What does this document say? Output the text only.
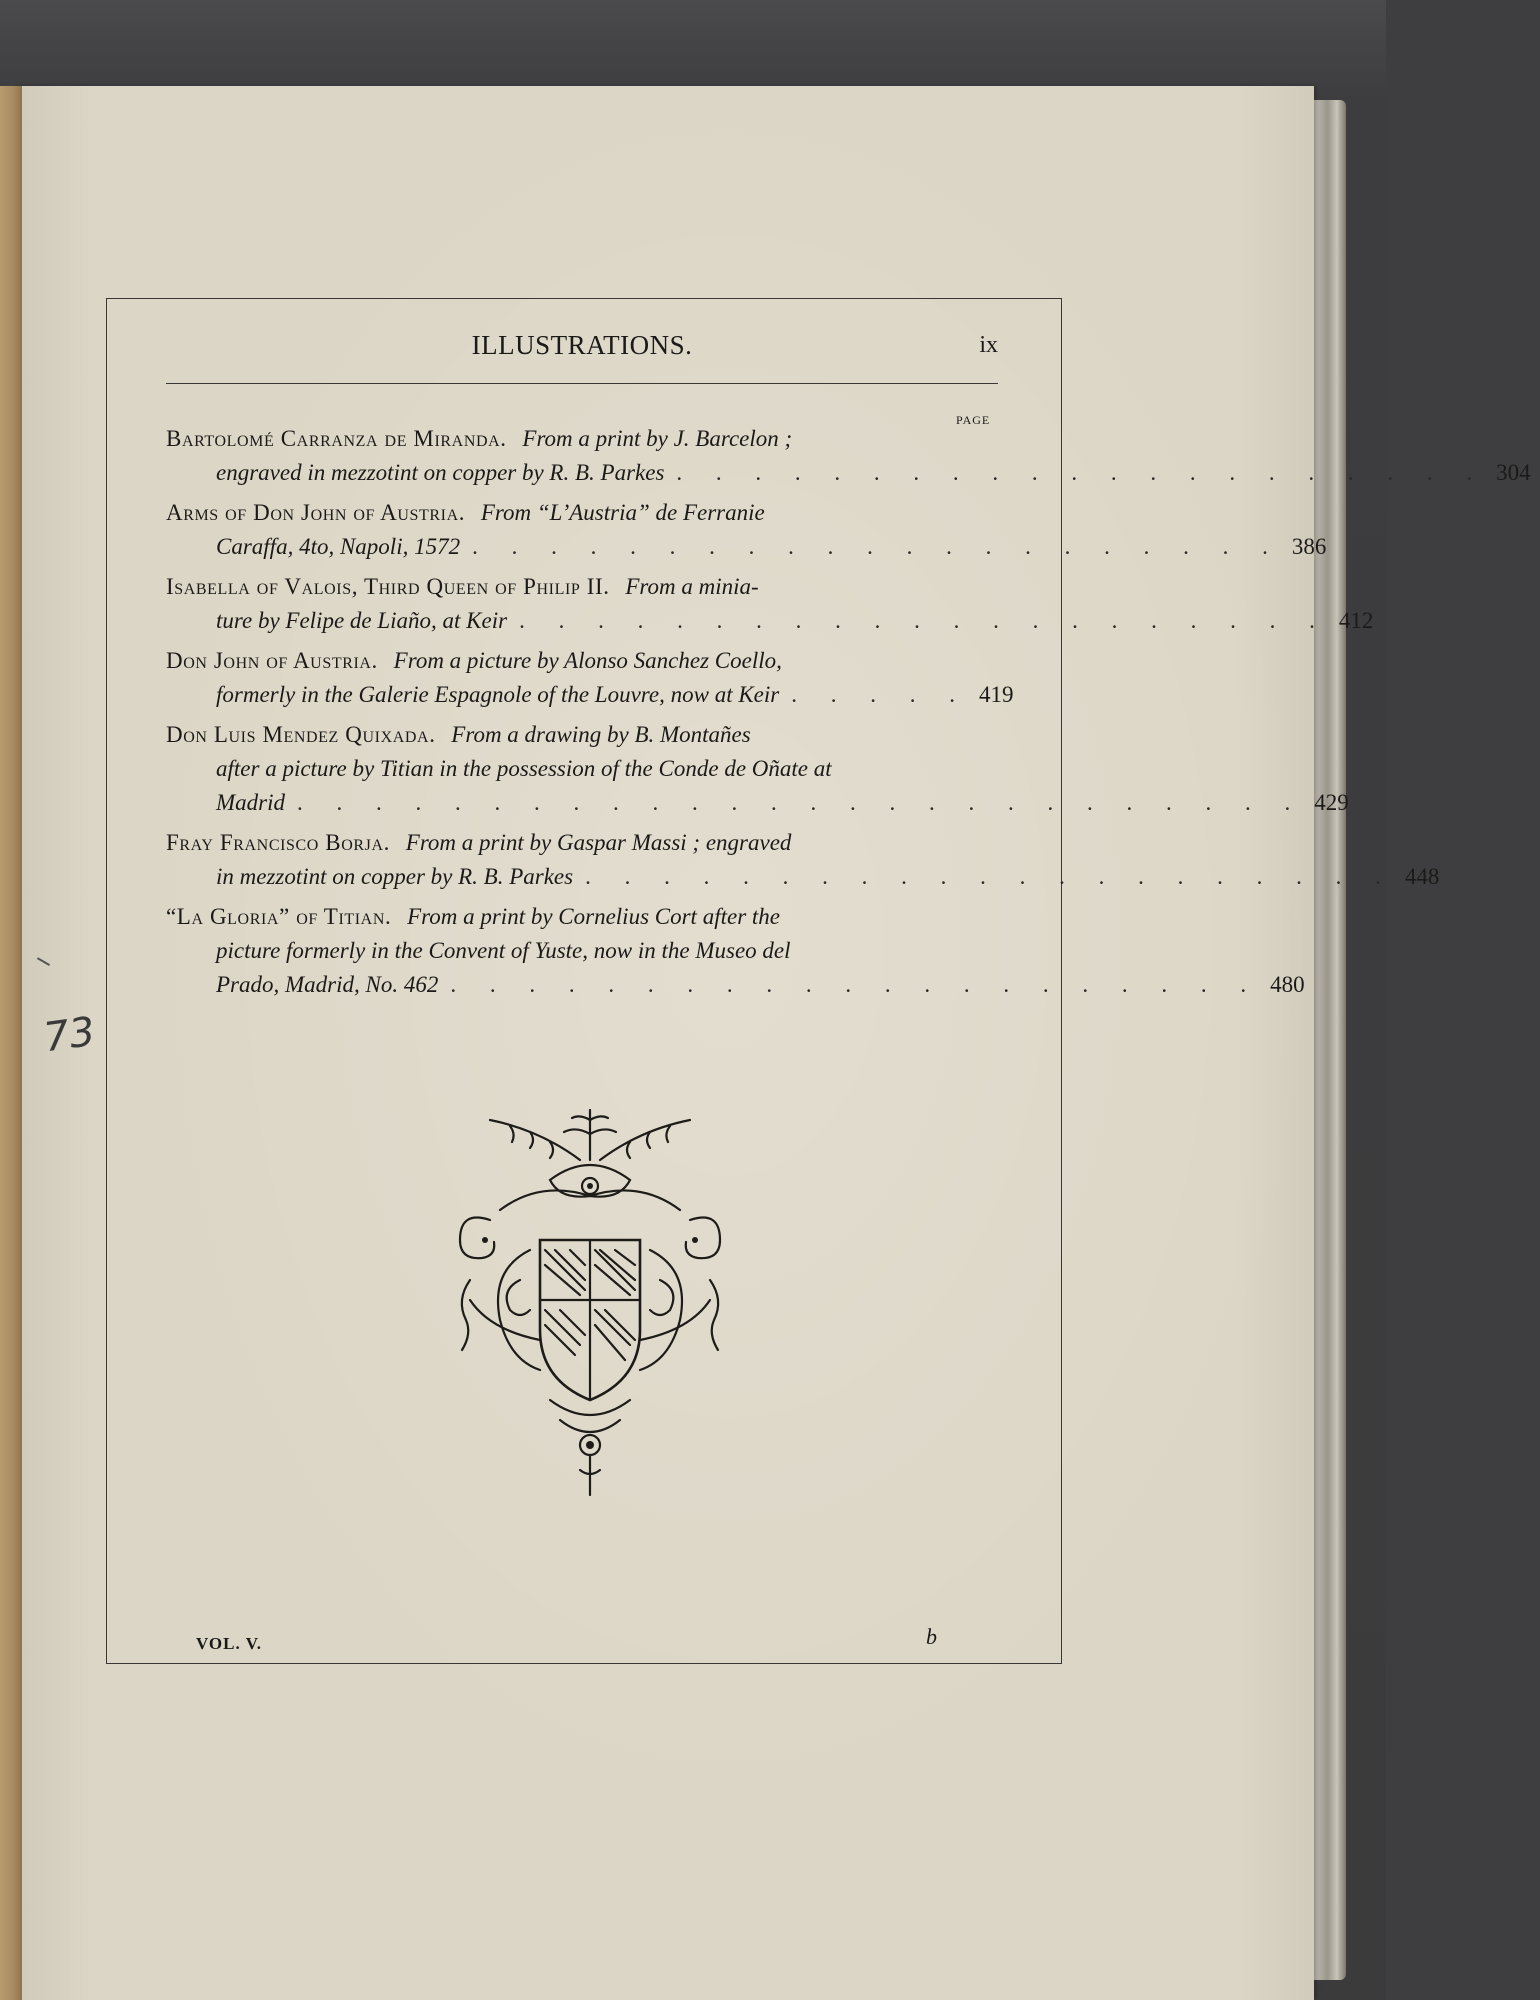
73
ILLUSTRATIONS.	ix
PAGE
Bartolomé Carranza de Miranda. From a print by J. Barcelon ;
engraved in mezzotint on copper by R. B. Parkes . . . . . . . . . . . . . . . . . . . . . 304
Arms of Don John of Austria. From “L’Austria” de Ferranie
Caraffa, 4to, Napoli, 1572 . . . . . . . . . . . . . . . . . . . . . 386
Isabella of Valois, Third Queen of Philip II. From a minia-
ture by Felipe de Liaño, at Keir . . . . . . . . . . . . . . . . . . . . . 412
Don John of Austria. From a picture by Alonso Sanchez Coello,
formerly in the Galerie Espagnole of the Louvre, now at Keir . . . . . 419
Don Luis Mendez Quixada. From a drawing by B. Montañes
after a picture by Titian in the possession of the Conde de Oñate at
Madrid . . . . . . . . . . . . . . . . . . . . . . . . . . 429
Fray Francisco Borja. From a print by Gaspar Massi ; engraved
in mezzotint on copper by R. B. Parkes . . . . . . . . . . . . . . . . . . . . . 448
“La Gloria” of Titian. From a print by Cornelius Cort after the
picture formerly in the Convent of Yuste, now in the Museo del
Prado, Madrid, No. 462 . . . . . . . . . . . . . . . . . . . . . 480
VOL. V.	b
